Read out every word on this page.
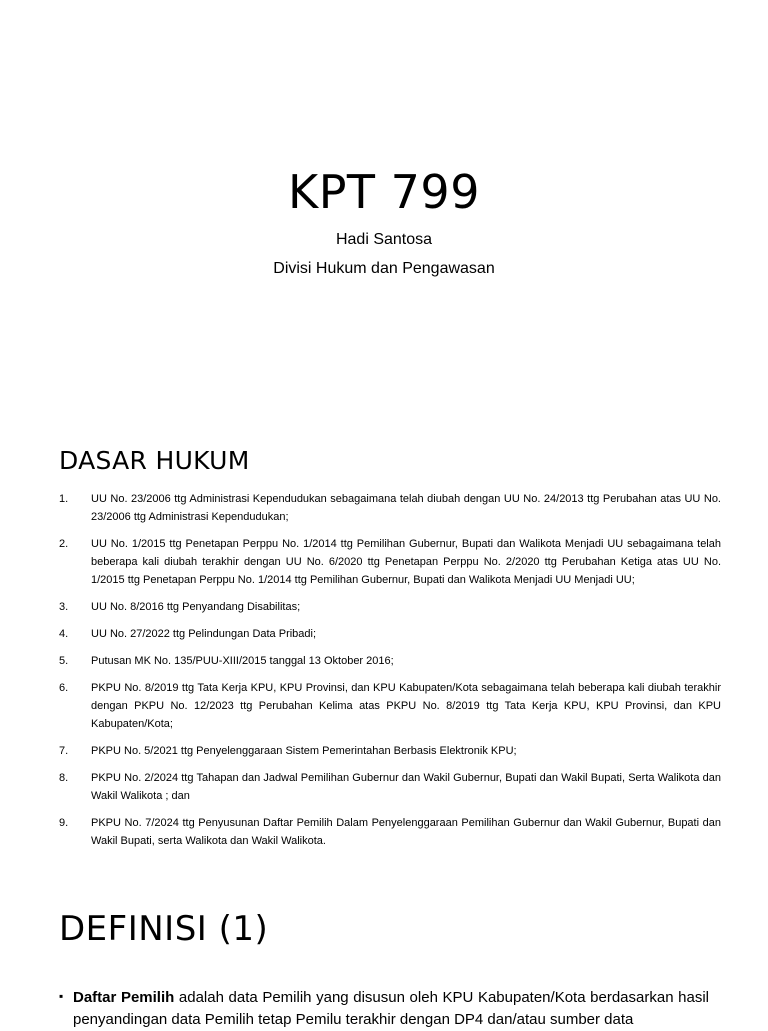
KPT 799
Hadi Santosa
Divisi Hukum dan Pengawasan
DASAR HUKUM
1. UU No. 23/2006 ttg Administrasi Kependudukan sebagaimana telah diubah dengan UU No. 24/2013 ttg Perubahan atas UU No. 23/2006 ttg Administrasi Kependudukan;
2. UU No. 1/2015 ttg Penetapan Perppu No. 1/2014 ttg Pemilihan Gubernur, Bupati dan Walikota Menjadi UU sebagaimana telah beberapa kali diubah terakhir dengan UU No. 6/2020 ttg Penetapan Perppu No. 2/2020 ttg Perubahan Ketiga atas UU No. 1/2015 ttg Penetapan Perppu No. 1/2014 ttg Pemilihan Gubernur, Bupati dan Walikota Menjadi UU Menjadi UU;
3. UU No. 8/2016 ttg Penyandang Disabilitas;
4. UU No. 27/2022 ttg Pelindungan Data Pribadi;
5. Putusan MK No. 135/PUU-XIII/2015 tanggal 13 Oktober 2016;
6. PKPU No. 8/2019 ttg Tata Kerja KPU, KPU Provinsi, dan KPU Kabupaten/Kota sebagaimana telah beberapa kali diubah terakhir dengan PKPU No. 12/2023 ttg Perubahan Kelima atas PKPU No. 8/2019 ttg Tata Kerja KPU, KPU Provinsi, dan KPU Kabupaten/Kota;
7. PKPU No. 5/2021 ttg Penyelenggaraan Sistem Pemerintahan Berbasis Elektronik KPU;
8. PKPU No. 2/2024 ttg Tahapan dan Jadwal Pemilihan Gubernur dan Wakil Gubernur, Bupati dan Wakil Bupati, Serta Walikota dan Wakil Walikota ; dan
9. PKPU No. 7/2024 ttg Penyusunan Daftar Pemilih Dalam Penyelenggaraan Pemilihan Gubernur dan Wakil Gubernur, Bupati dan Wakil Bupati, serta Walikota dan Wakil Walikota.
DEFINISI (1)
▪ Daftar Pemilih adalah data Pemilih yang disusun oleh KPU Kabupaten/Kota berdasarkan hasil penyandingan data Pemilih tetap Pemilu terakhir dengan DP4 dan/atau sumber data
